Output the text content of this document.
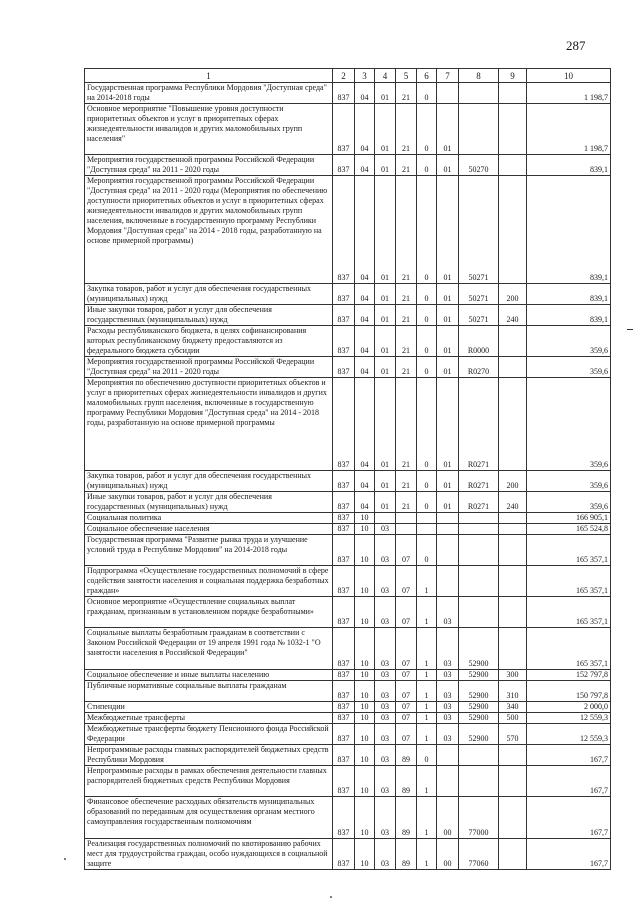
287
1	2	3	4	5	6	7	8	9	10
Государственная программа Республики Мордовия "Доступная среда" на 2014-2018 годы	837	04	01	21	0				1 198,7
Основное мероприятие "Повышение уровня доступности приоритетных объектов и услуг в приоритетных сферах жизнедеятельности инвалидов и других маломобильных групп населения"	837	04	01	21	0	01			1 198,7
Мероприятия государственной программы Российской Федерации "Доступная среда" на 2011 - 2020 годы	837	04	01	21	0	01	50270		839,1
Мероприятия государственной программы Российской Федерации "Доступная среда" на 2011 - 2020 годы (Мероприятия по обеспечению доступности приоритетных объектов и услуг в приоритетных сферах жизнедеятельности инвалидов и других маломобильных групп населения, включенные в государственную программу Республики Мордовия "Доступная среда" на 2014 - 2018 годы, разработанную на основе примерной программы)	837	04	01	21	0	01	50271		839,1
Закупка товаров, работ и услуг для обеспечения государственных (муниципальных) нужд	837	04	01	21	0	01	50271	200	839,1
Иные закупки товаров, работ и услуг для обеспечения государственных (муниципальных) нужд	837	04	01	21	0	01	50271	240	839,1
Расходы республиканского бюджета, в целях софинансирования которых республиканскому бюджету предоставляются из федерального бюджета субсидии	837	04	01	21	0	01	R0000		359,6
Мероприятия государственной программы Российской Федерации "Доступная среда" на 2011 - 2020 годы	837	04	01	21	0	01	R0270		359,6
Мероприятия по обеспечению доступности приоритетных объектов и услуг в приоритетных сферах жизнедеятельности инвалидов и других маломобильных групп населения, включенные в государственную программу Республики Мордовия "Доступная среда" на 2014 - 2018 годы, разработанную на основе примерной программы	837	04	01	21	0	01	R0271		359,6
Закупка товаров, работ и услуг для обеспечения государственных (муниципальных) нужд	837	04	01	21	0	01	R0271	200	359,6
Иные закупки товаров, работ и услуг для обеспечения государственных (муниципальных) нужд	837	04	01	21	0	01	R0271	240	359,6
Социальная политика	837	10							166 905,1
Социальное обеспечение населения	837	10	03						165 524,8
Государственная программа "Развитие рынка труда и улучшение условий труда в Республике Мордовия" на 2014-2018 годы	837	10	03	07	0				165 357,1
Подпрограмма «Осуществление государственных полномочий в сфере содействия занятости населения и социальная поддержка безработных граждан»	837	10	03	07	1				165 357,1
Основное мероприятие «Осуществление социальных выплат гражданам, признанным в установленном порядке безработными»	837	10	03	07	1	03			165 357,1
Социальные выплаты безработным гражданам в соответствии с Законом Российской Федерации от 19 апреля 1991 года № 1032-1 "О занятости населения в Российской Федерации"	837	10	03	07	1	03	52900		165 357,1
Социальное обеспечение и иные выплаты населению	837	10	03	07	1	03	52900	300	152 797,8
Публичные нормативные социальные выплаты гражданам	837	10	03	07	1	03	52900	310	150 797,8
Стипендии	837	10	03	07	1	03	52900	340	2 000,0
Межбюджетные трансферты	837	10	03	07	1	03	52900	500	12 559,3
Межбюджетные трансферты бюджету Пенсионного фонда Российской Федерации	837	10	03	07	1	03	52900	570	12 559,3
Непрограммные расходы главных распорядителей бюджетных средств Республики Мордовия	837	10	03	89	0				167,7
Непрограммные расходы в рамках обеспечения деятельности главных распорядителей бюджетных средств Республики Мордовия	837	10	03	89	1				167,7
Финансовое обеспечение расходных обязательств муниципальных образований по переданным для осуществления органам местного самоуправления государственным полномочиям	837	10	03	89	1	00	77000		167,7
Реализация государственных полномочий по квотированию рабочих мест для трудоустройства граждан, особо нуждающихся в социальной защите	837	10	03	89	1	00	77060		167,7
